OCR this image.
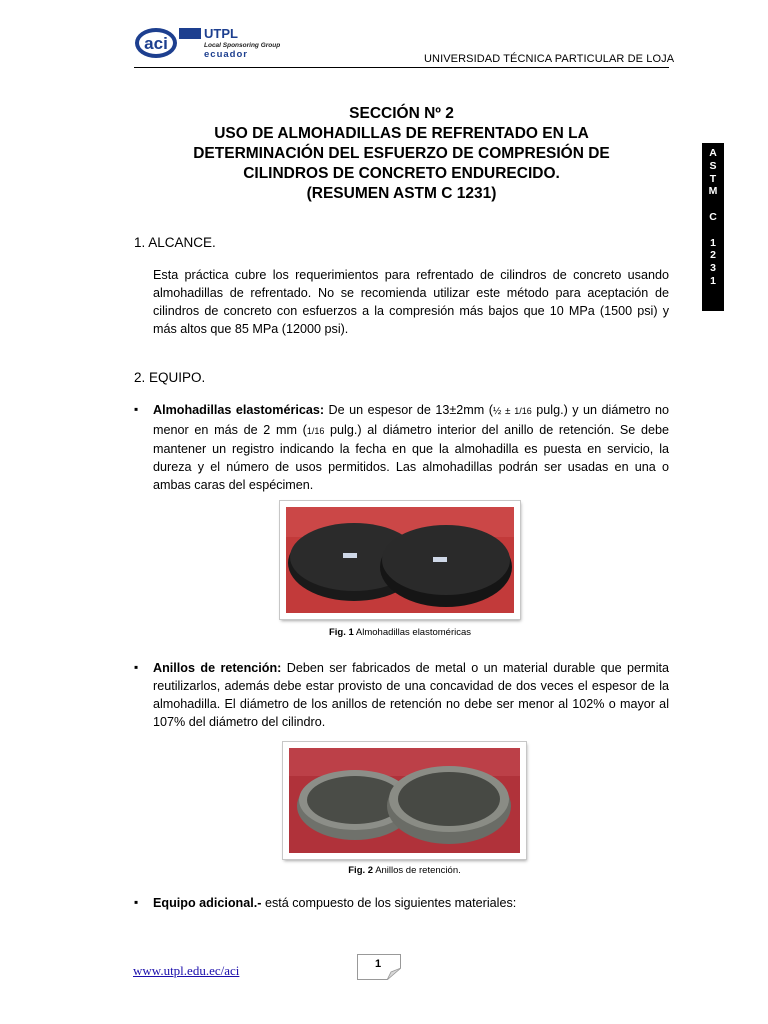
aci
UTPL
Local Sponsoring Group
ecuador	UNIVERSIDAD TÉCNICA PARTICULAR DE LOJA
SECCIÓN Nº 2
USO DE ALMOHADILLAS DE REFRENTADO EN LA
DETERMINACIÓN DEL ESFUERZO DE COMPRESIÓN DE
CILINDROS DE CONCRETO ENDURECIDO.
(RESUMEN ASTM C 1231)
A
S
T
M
C
1
2
3
1
1. ALCANCE.
Esta práctica cubre los requerimientos para refrentado de cilindros de concreto usando almohadillas de refrentado. No se recomienda utilizar este método para aceptación de cilindros de concreto con esfuerzos a la compresión más bajos que 10 MPa (1500 psi) y más altos que 85 MPa (12000 psi).
2. EQUIPO.
▪ Almohadillas elastoméricas: De un espesor de 13±2mm (½ ± 1/16 pulg.) y un diámetro no menor en más de 2 mm (1/16 pulg.) al diámetro interior del anillo de retención. Se debe mantener un registro indicando la fecha en que la almohadilla es puesta en servicio, la dureza y el número de usos permitidos. Las almohadillas podrán ser usadas en una o ambas caras del espécimen.
Fig. 1 Almohadillas elastoméricas
▪ Anillos de retención: Deben ser fabricados de metal o un material durable que permita reutilizarlos, además debe estar provisto de una concavidad de dos veces el espesor de la almohadilla. El diámetro de los anillos de retención no debe ser menor al 102% o mayor al 107% del diámetro del cilindro.
Fig. 2 Anillos de retención.
▪ Equipo adicional.- está compuesto de los siguientes materiales:
www.utpl.edu.ec/aci	1
